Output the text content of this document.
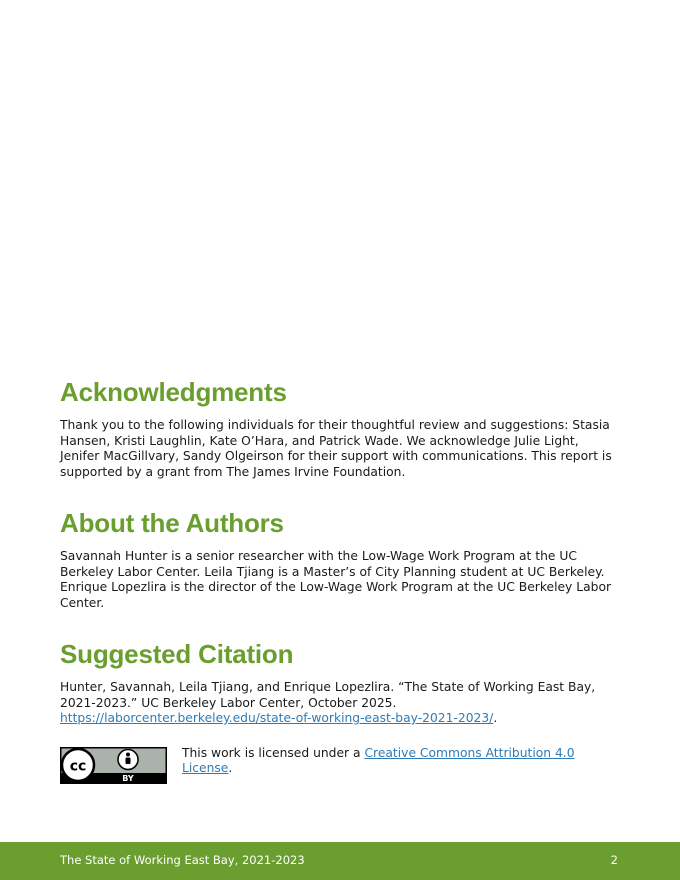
Acknowledgments

Thank you to the following individuals for their thoughtful review and suggestions: Stasia Hansen, Kristi Laughlin, Kate O’Hara, and Patrick Wade. We acknowledge Julie Light, Jenifer MacGillvary, Sandy Olgeirson for their support with communications. This report is supported by a grant from The James Irvine Foundation.

About the Authors

Savannah Hunter is a senior researcher with the Low-Wage Work Program at the UC Berkeley Labor Center. Leila Tjiang is a Master’s of City Planning student at UC Berkeley. Enrique Lopezlira is the director of the Low-Wage Work Program at the UC Berkeley Labor Center.

Suggested Citation

Hunter, Savannah, Leila Tjiang, and Enrique Lopezlira. “The State of Working East Bay, 2021-2023.” UC Berkeley Labor Center, October 2025. https://laborcenter.berkeley.edu/state-of-working-east-bay-2021-2023/.

cc
BY

This work is licensed under a Creative Commons Attribution 4.0 License.

The State of Working East Bay, 2021-2023	2
